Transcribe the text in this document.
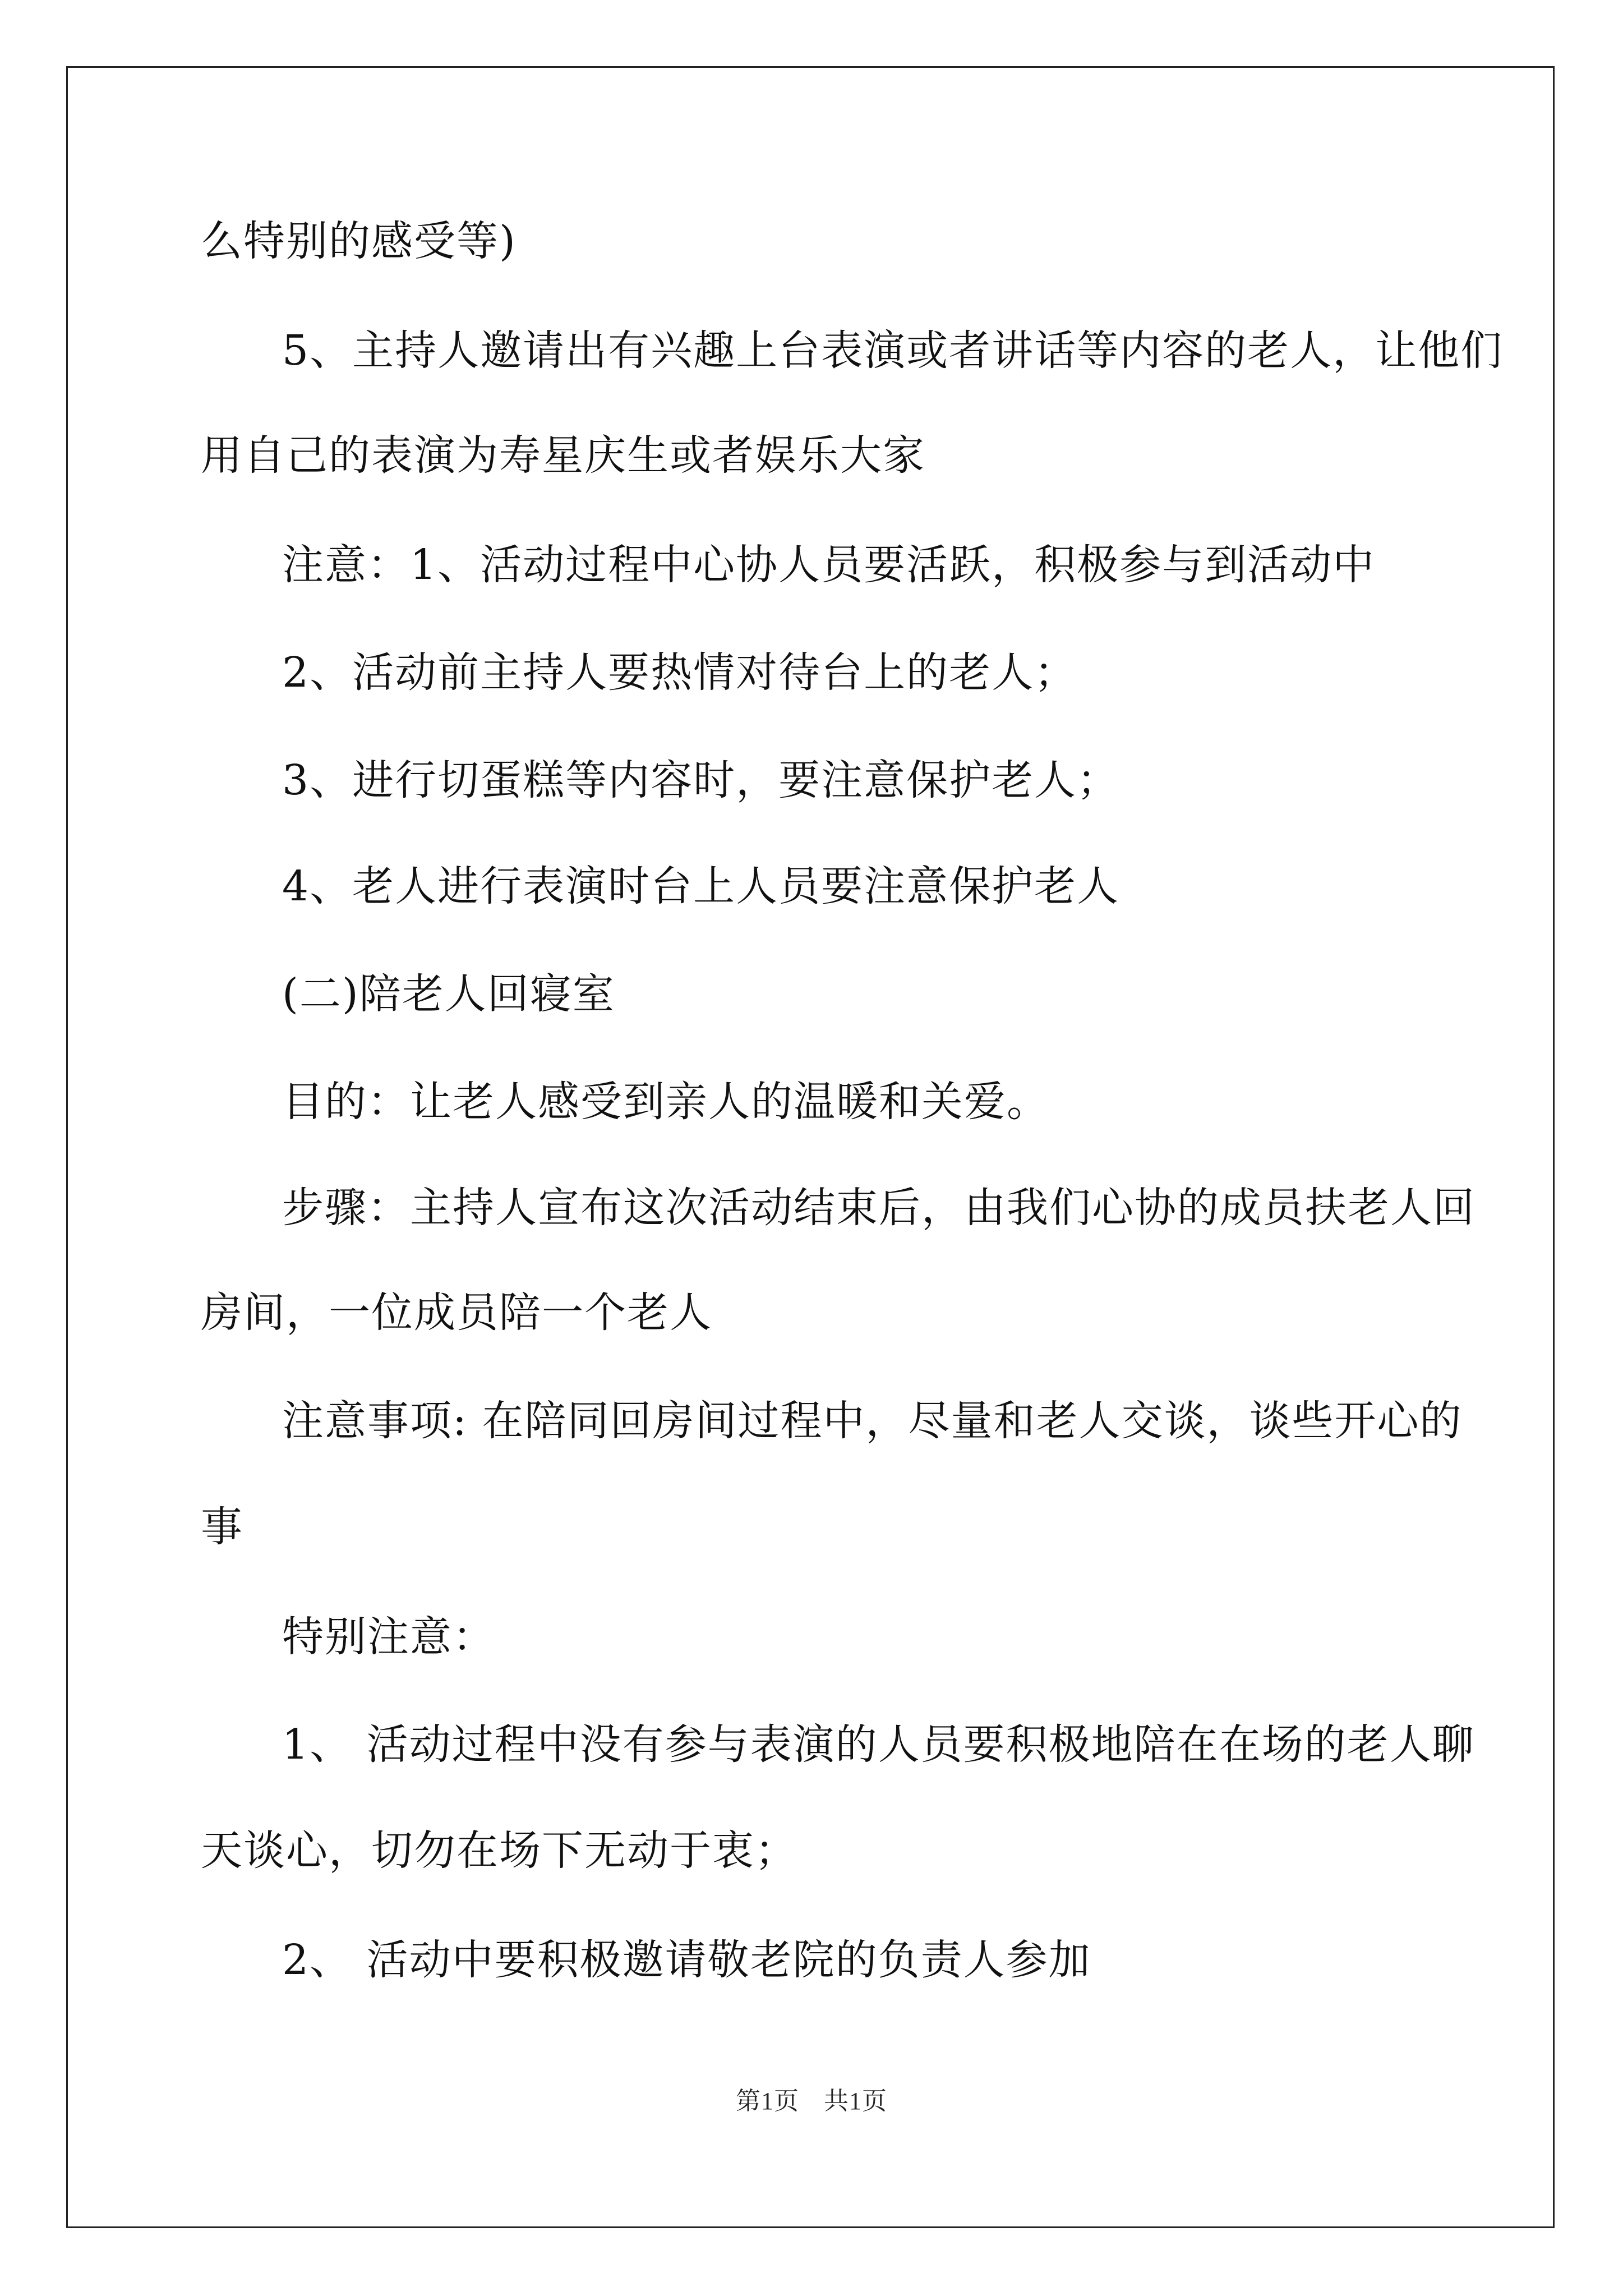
么特别的感受等)
5、主持人邀请出有兴趣上台表演或者讲话等内容的老人，让他们
用自己的表演为寿星庆生或者娱乐大家
注意：1、活动过程中心协人员要活跃，积极参与到活动中
2、活动前主持人要热情对待台上的老人；
3、进行切蛋糕等内容时，要注意保护老人；
4、老人进行表演时台上人员要注意保护老人
(二)陪老人回寝室
目的：让老人感受到亲人的温暖和关爱。
步骤：主持人宣布这次活动结束后，由我们心协的成员扶老人回
房间，一位成员陪一个老人
注意事项: 在陪同回房间过程中，尽量和老人交谈，谈些开心的
事
特别注意：
1、 活动过程中没有参与表演的人员要积极地陪在在场的老人聊
天谈心，切勿在场下无动于衷；
2、 活动中要积极邀请敬老院的负责人参加
第1页 共1页
